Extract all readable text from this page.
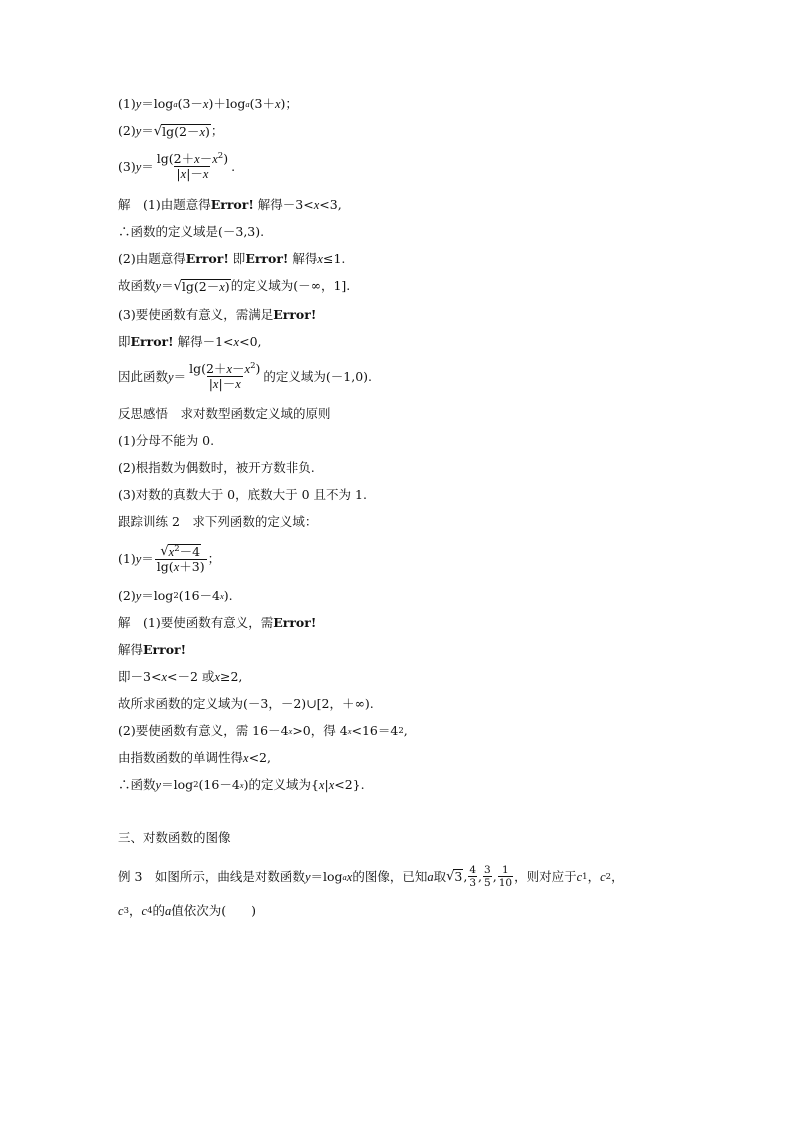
(1) y ＝log a (3－ x )＋log a (3＋ x )；
(2) y ＝ √ lg(2－x) ；
(3) $y = \frac{\lg(2+x-x^2)}{|x|-x}$ .
解　(1)由题意得 Error! 解得－3< x <3,
∴函数的定义域是(－3,3).
(2)由题意得 Error! 即 Error! 解得 x ≤1.
故函数 y ＝ √ lg(2－x) 的定义域为(－∞，1].
(3)要使函数有意义，需满足 Error!
即 Error! 解得－1< x <0,
因此函数 $y = \frac{\lg(2+x-x^2)}{|x|-x}$ 的定义域为(－1,0).
反思感悟　求对数型函数定义域的原则
(1)分母不能为 0.
(2)根指数为偶数时，被开方数非负.
(3)对数的真数大于 0，底数大于 0 且不为 1.
跟踪训练 2　求下列函数的定义域：
(1) $y = \frac{√ x^2-4}{\lg(x+3)}$ ；
(2) y ＝log 2 (16－4 x ).
解　(1)要使函数有意义，需 Error!
解得 Error!
即－3< x <－2 或 x ≥2,
故所求函数的定义域为(－3，－2)∪[2，＋∞).
(2)要使函数有意义，需 16－4 x >0，得 4 x <16＝4 2 ,
由指数函数的单调性得 x <2,
∴函数 y ＝log 2 (16－4 x )的定义域为{ x | x <2}.
三、对数函数的图像
例 3　如图所示，曲线是对数函数 y ＝log a x 的图像，已知 a 取 √ 3 , $\frac{4}{3}$ , $\frac{3}{5}$ , $\frac{1}{10}$ ，则对应于 c 1 ， c 2 ，
c 3 ， c 4 的 a 值依次为(　　)
